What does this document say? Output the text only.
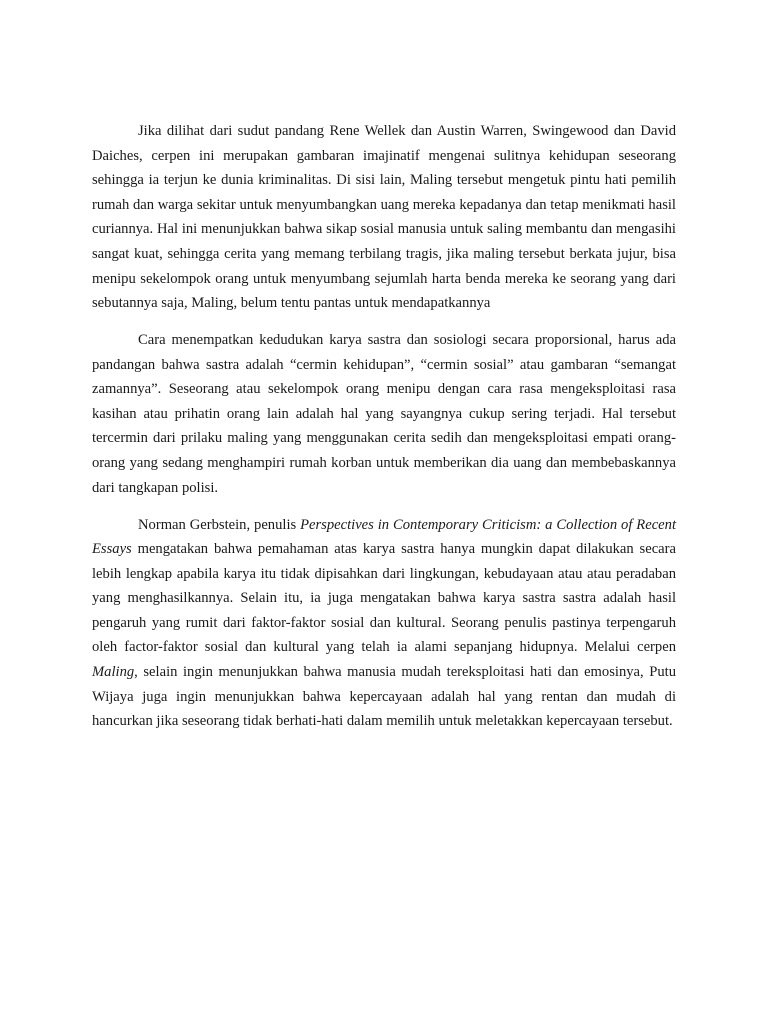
Jika dilihat dari sudut pandang Rene Wellek dan Austin Warren, Swingewood dan David Daiches, cerpen ini merupakan gambaran imajinatif mengenai sulitnya kehidupan seseorang sehingga ia terjun ke dunia kriminalitas. Di sisi lain, Maling tersebut mengetuk pintu hati pemilih rumah dan warga sekitar untuk menyumbangkan uang mereka kepadanya dan tetap menikmati hasil curiannya. Hal ini menunjukkan bahwa sikap sosial manusia untuk saling membantu dan mengasihi sangat kuat, sehingga cerita yang memang terbilang tragis, jika maling tersebut berkata jujur, bisa menipu sekelompok orang untuk menyumbang sejumlah harta benda mereka ke seorang yang dari sebutannya saja, Maling, belum tentu pantas untuk mendapatkannya

Cara menempatkan kedudukan karya sastra dan sosiologi secara proporsional, harus ada pandangan bahwa sastra adalah “cermin kehidupan”, “cermin sosial” atau gambaran “semangat zamannya”. Seseorang atau sekelompok orang menipu dengan cara rasa mengeksploitasi rasa kasihan atau prihatin orang lain adalah hal yang sayangnya cukup sering terjadi. Hal tersebut tercermin dari prilaku maling yang menggunakan cerita sedih dan mengeksploitasi empati orang-orang yang sedang menghampiri rumah korban untuk memberikan dia uang dan membebaskannya dari tangkapan polisi.

Norman Gerbstein, penulis Perspectives in Contemporary Criticism: a Collection of Recent Essays mengatakan bahwa pemahaman atas karya sastra hanya mungkin dapat dilakukan secara lebih lengkap apabila karya itu tidak dipisahkan dari lingkungan, kebudayaan atau atau peradaban yang menghasilkannya. Selain itu, ia juga mengatakan bahwa karya sastra sastra adalah hasil pengaruh yang rumit dari faktor-faktor sosial dan kultural. Seorang penulis pastinya terpengaruh oleh factor-faktor sosial dan kultural yang telah ia alami sepanjang hidupnya. Melalui cerpen Maling, selain ingin menunjukkan bahwa manusia mudah tereksploitasi hati dan emosinya, Putu Wijaya juga ingin menunjukkan bahwa kepercayaan adalah hal yang rentan dan mudah di hancurkan jika seseorang tidak berhati-hati dalam memilih untuk meletakkan kepercayaan tersebut.
